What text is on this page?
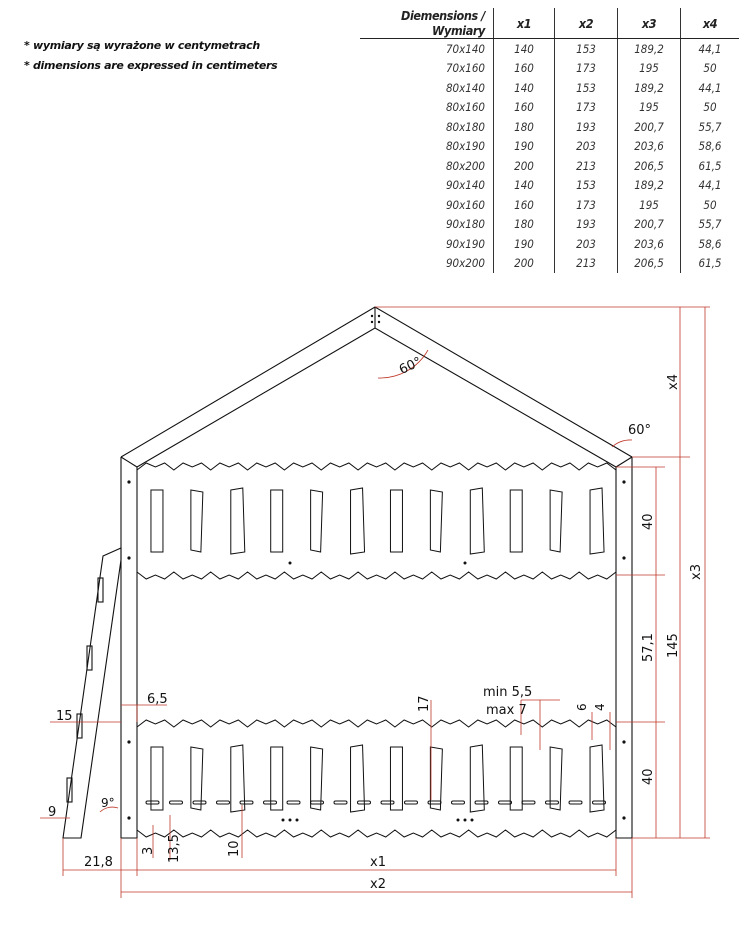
* wymiary są wyrażone w centymetrach
* dimensions are expressed in centimeters
Diemensions / Wymiary	x1	x2	x3	x4
70x140	140	153	189,2	44,1
70x160	160	173	195	50
80x140	140	153	189,2	44,1
80x160	160	173	195	50
80x180	180	193	200,7	55,7
80x190	190	203	203,6	58,6
80x200	200	213	206,5	61,5
90x140	140	153	189,2	44,1
90x160	160	173	195	50
90x180	180	193	200,7	55,7
90x190	190	203	203,6	58,6
90x200	200	213	206,5	61,5
60°
60°
9°
x4
x3
40
40
57,1 145
6,5
15
9
21,8	x1
x2
3 13,5	10
17
min 5,5
max 7	6 4
